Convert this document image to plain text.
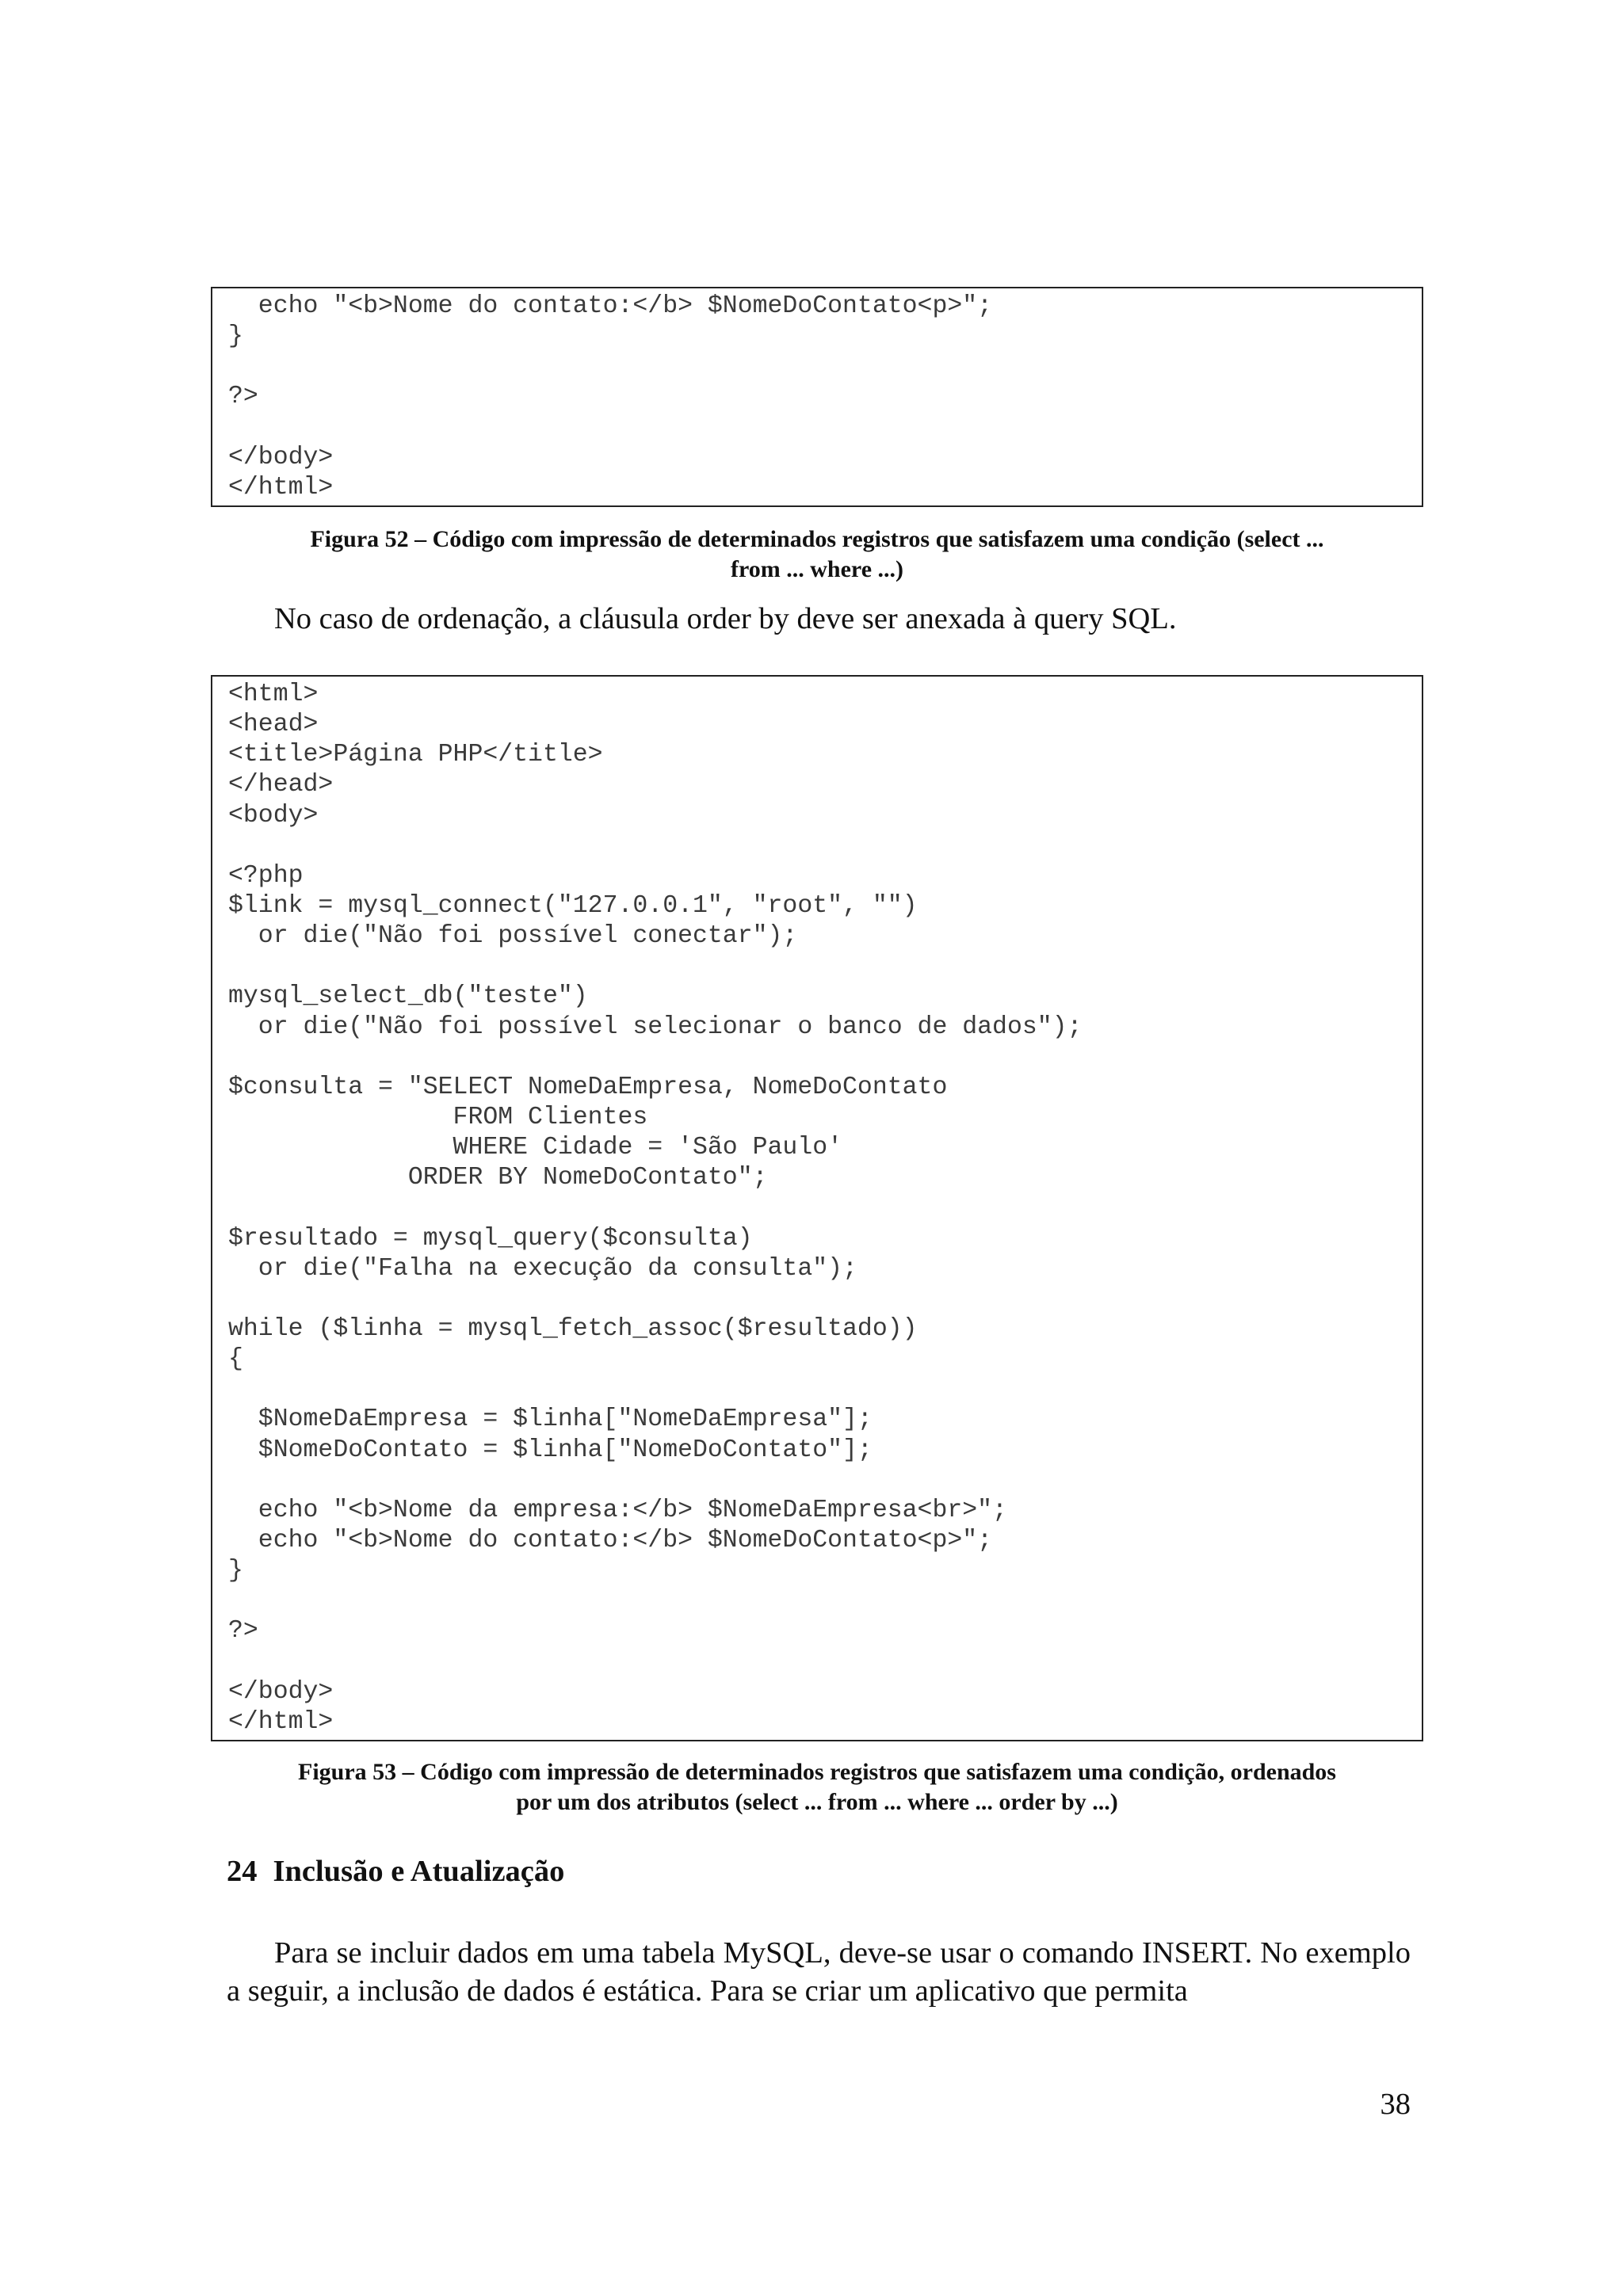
echo "<b>Nome do contato:</b> $NomeDoContato<p>";
}
?>
</body>
</html>
Figura 52 – Código com impressão de determinados registros que satisfazem uma condição (select ...
from ... where ...)
No caso de ordenação, a cláusula order by deve ser anexada à query SQL.
<html>
<head>
<title>Página PHP</title>
</head>
<body>
<?php
$link = mysql_connect("127.0.0.1", "root", "")
or die("Não foi possível conectar");
mysql_select_db("teste")
or die("Não foi possível selecionar o banco de dados");
$consulta = "SELECT NomeDaEmpresa, NomeDoContato
FROM Clientes
WHERE Cidade = 'São Paulo'
ORDER BY NomeDoContato";
$resultado = mysql_query($consulta)
or die("Falha na execução da consulta");
while ($linha = mysql_fetch_assoc($resultado))
{
$NomeDaEmpresa = $linha["NomeDaEmpresa"];
$NomeDoContato = $linha["NomeDoContato"];
echo "<b>Nome da empresa:</b> $NomeDaEmpresa<br>";
echo "<b>Nome do contato:</b> $NomeDoContato<p>";
}
?>
</body>
</html>
Figura 53 – Código com impressão de determinados registros que satisfazem uma condição, ordenados
por um dos atributos (select ... from ... where ... order by ...)
24 Inclusão e Atualização
Para se incluir dados em uma tabela MySQL, deve-se usar o comando INSERT. No exemplo a seguir, a inclusão de dados é estática. Para se criar um aplicativo que permita
38
